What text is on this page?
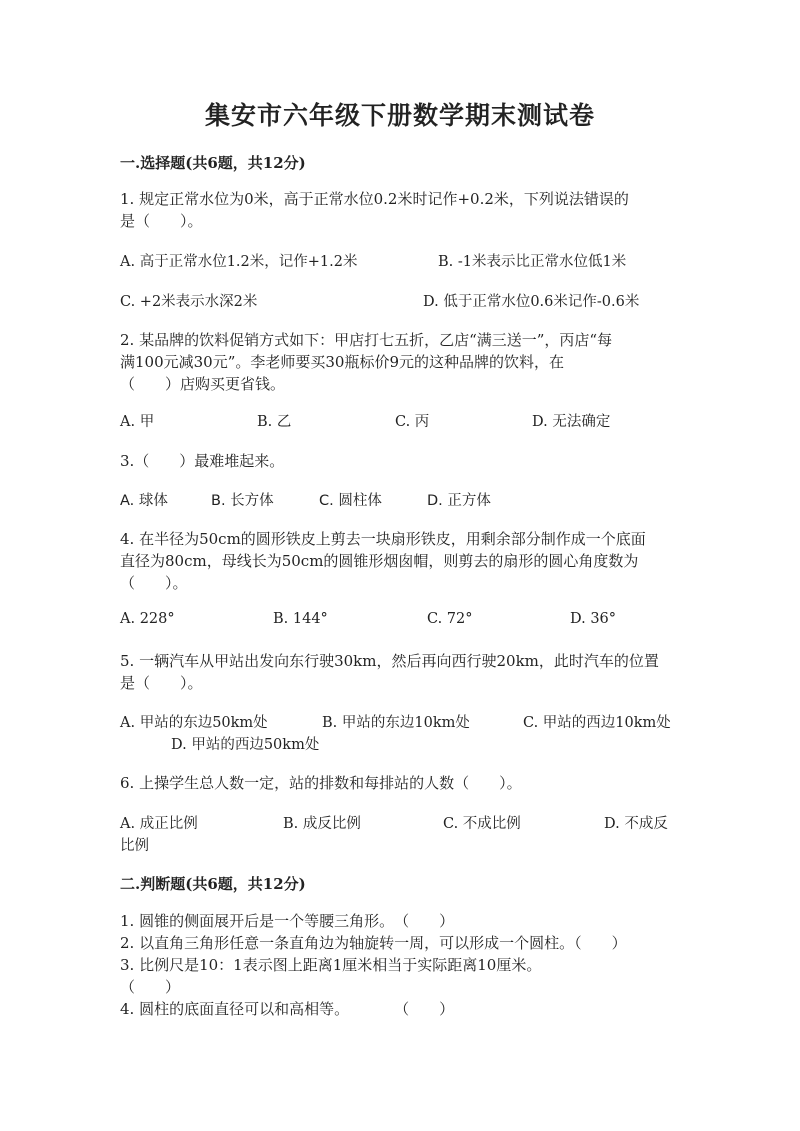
集安市六年级下册数学期末测试卷
一.选择题(共6题，共12分)
1. 规定正常水位为0米，高于正常水位0.2米时记作+0.2米，下列说法错误的
是（　　）。
A. 高于正常水位1.2米，记作+1.2米	B. -1米表示比正常水位低1米
C. +2米表示水深2米	D. 低于正常水位0.6米记作-0.6米
2. 某品牌的饮料促销方式如下：甲店打七五折，乙店“满三送一”，丙店“每
满100元减30元”。李老师要买30瓶标价9元的这种品牌的饮料，在
（　　）店购买更省钱。
A. 甲	B. 乙	C. 丙	D. 无法确定
3.（　　）最难堆起来。
A. 球体	B. 长方体	C. 圆柱体	D. 正方体
4. 在半径为50cm的圆形铁皮上剪去一块扇形铁皮，用剩余部分制作成一个底面
直径为80cm，母线长为50cm的圆锥形烟囱帽，则剪去的扇形的圆心角度数为
（　　）。
A. 228°	B. 144°	C. 72°	D. 36°
5. 一辆汽车从甲站出发向东行驶30km，然后再向西行驶20km，此时汽车的位置
是（　　）。
A. 甲站的东边50km处	B. 甲站的东边10km处	C. 甲站的西边10km处
D. 甲站的西边50km处
6. 上操学生总人数一定，站的排数和每排站的人数（　　）。
A. 成正比例	B. 成反比例	C. 不成比例	D. 不成反
比例
二.判断题(共6题，共12分)
1. 圆锥的侧面展开后是一个等腰三角形。　（　　）
2. 以直角三角形任意一条直角边为轴旋转一周，可以形成一个圆柱。（　　）
3. 比例尺是10：1表示图上距离1厘米相当于实际距离10厘米。
（　　）
4. 圆柱的底面直径可以和高相等。　　　　（　　）
